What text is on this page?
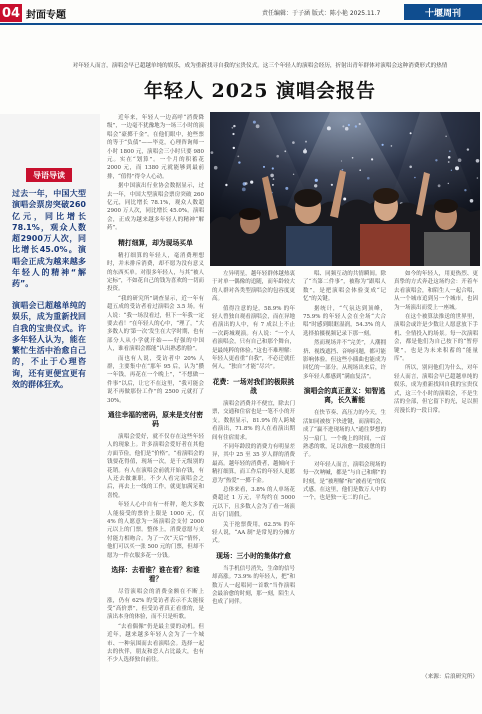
04 封面专题	责任编辑：于子涵 版式：陈小艳 2025.11.7	十堰周刊
对年轻人而言，演唱会早已超越单纯的娱乐，成为重新找寻自我的宝贵仪式。这三个年轻人的演唱会经历，折射出青年群体对演唱会这种消费形式的热情
年轻人 2025 演唱会报告
导语导读
过去一年，中国大型演唱会票房突破260亿元，同比增长78.1%，观众人数超2900万人次，同比增长45.0%。演唱会正成为越来越多年轻人的精神“解药”。
演唱会已超越单纯的娱乐，成为重新找回自我的宝贵仪式。许多年轻人认为，能在繁忙生活中治愈自己的，不止于心理咨询，还有更便宜更有效的群体狂欢。

近年来，年轻人一边高呼“消费降级”，一边毫不犹豫地为一场三小时的演唱会“豪掷千金”。在他们眼中，抢些票的等于“负债”——毕竟，心理咨询师一小时 1800 元，演唱会三小时只要 980 元。实在“划算”。一个月的积蓄花 2000 元，而 1380 元就能够到最前排，“值得”得令人心动。

据中国演出行业协会数据显示，过去一年，中国大型演唱会票房突破 260 亿元，同比增长 78.1%，观众人数超 2900 万人次，同比增长 45.0%。演唱会，正成为越来越多年轻人的精神“解药”。

精打细算，却为现场买单

精打细算的年轻人，毫消费理想时，并未排斥消费，却不愿为没有意义的东西买单。对很多年轻人，与其“被人定标”，不如花自己的钱为喜欢的一切而投资。

“我的研究所”调查显示，近一年有超五成的受访者看过演唱会 3.5 场。有人说：“我一场没看过，但下一年我一定要去看！”在年轻人的心中，“理了，“大多数人的‘第一次’发生在大学时期，也有部分人从小学就开始——好强的中国人，谁看演唱会都能“认出熟悉的脸”。

而也有人说，受访者中 20% 人群，主要集中在“那年 95 后，认为“攒一年钱，再花在一个晚上”，“不想做一件事”以后，让它不在这里，“我可能会说不再做那份工作”的 2500 元就打了 30%。

通往幸福的密码，原来是支付密码

演唱会爱好，就不仅存在这些年轻人的现象上。许多演唱会爱好者在其他方面节俭，他们是“价格”。“看演唱会的钱要花得值，现场一次，是千元级别的花销。有人在演唱会前就开始存钱，有人还去做兼职。不少人看完演唱会之后，再去上一线的工作，就更加满足和喜悦。

年轻人心中自有一杆秤，绝大多数人能接受的票价上限是 1000 元，仅 4% 的人愿意为一场演唱会支付 2000 元以上的门票。整体上，消费意愿与支付能力相吻合。为了一次“天后”情怀，他们可以买一张 500 元的门票，但却不愿为一件衣服多花一分钱。

选择：去看谁？谁在看？和谁看？

尽管演唱会的消费金额在不断上涨，仍有 62% 的受访者表示不太能接受“高价票”，但受访者真正看重的，是演出本身的体验，而不只是听歌。

“去看偶像”仍是最主要的动机。但近年，越来越多年轻人会为了一个城市、一种氛围而去看演唱会。选择一起去的伙伴，朋友和恋人占比最大，也有不少人选择独自前往。

左异明星，越年轻群体越热衷于对单一偶像的追随，而年龄较大的人群对各类型演唱会的包容度更高。

值得注意的是，58.9% 的年轻人曾独自观看演唱会，而在异地看演出的人中，有 7 成以上不止一次跨城观演。有人说：“一个人看演唱会，只有自己和那个舞台，是最纯粹的体验。”这也不难理解：年轻人更看重“自我”，不必迁就任何人，“独自”才能“尽兴”。

花费：一场对我们的极限挑战

演唱会消费并不便宜，除去门票，交通和住宿也是一笔不小的开支。数据显示，81.9% 的人跨城看演出，71.8% 的人在看演出期间有住宿需求。

不同年龄段的消费力有明显差异，其中 25 至 35 岁人群的消费最高。越年轻的消费者，越倾向于精打细算，而工作后的年轻人更愿意为“热爱”一掷千金。

总体来看，3.8% 的人单场花费超过 1 万元，平均约在 5000 元以下，且多数人会为了看一场演出专门请假。

关于抢票费用，62.5% 的年轻人说，“AA 制”是常见的分摊方式。

现场：三小时的集体疗愈

当手机信号消失，生命的信号却高涨。73.9% 的年轻人，把“和数万人一起唱同一首歌”当作演唱会最治愈的时刻，那一刻，陌生人也成了同伴。

唱、同频互动的共情瞬间。除了“当第二件事”，被称为“跟唱人数”，是把演唱会体验变成“记忆”的关键。

据统计，“气氛达到顶峰，75.9% 的年轻人会在全场“大合唱”时感到眼眶湿润，54.3% 的人选择拍摄视频记录下那一刻。

然而现场并不“完美”，人潮拥挤、视线遮挡、音响问题，都可能影响体验。但这些小插曲也能成为回忆的一部分。从现场出来后，许多年轻人都感到“满血复活”。

演唱会的真正意义：知智逃离，长久蓄能

在快节奏、高压力的今天，生活如同被按下快进键，而演唱会，成了“赢不进现场的人”通往梦想的另一扇门。一个晚上的时间，一首熟悉的歌，足以治愈一段疲惫的日子。

对年轻人而言，演唱会现场的每一次呐喊，都是“与自己和解”的时刻，是“被理解”和“被看见”的仪式感。在这里，他们是数万人中的一个，也是独一无二的自己。

如今的年轻人，用更热烈、更真挚的方式奔赴这场约会：开着车去看演唱会，和陌生人一起合唱，从一个城市追到另一个城市，也因为一场演出而爱上一座城。

在这个被算法推送的世界里，演唱会或许是少数让人愿意放下手机、全情投入的场景。每一次演唱会，都是他们为自己按下的“暂停键”，也是为未来积蓄的“能量库”。

所以，别问他们为什么，对年轻人而言，演唱会早已超越单纯的娱乐，成为重新找回自我的宝贵仪式，这三个小时的演唱会，不是生活的全部，但它留下的光，足以照亮漫长的一段日常。

（来源：后浪研究所）
